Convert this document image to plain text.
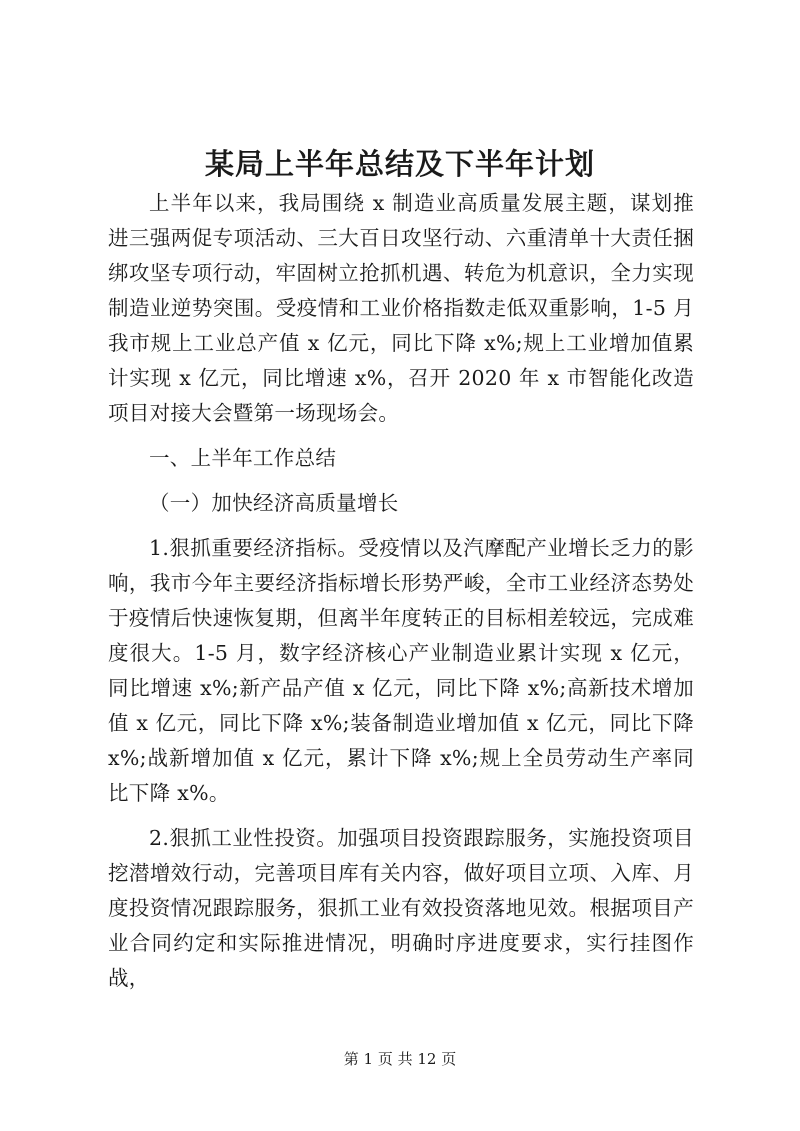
某局上半年总结及下半年计划

上半年以来，我局围绕 x 制造业高质量发展主题，谋划推进三强两促专项活动、三大百日攻坚行动、六重清单十大责任捆绑攻坚专项行动，牢固树立抢抓机遇、转危为机意识，全力实现制造业逆势突围。受疫情和工业价格指数走低双重影响，1-5 月我市规上工业总产值 x 亿元，同比下降 x%;规上工业增加值累计实现 x 亿元，同比增速 x%，召开 2020 年 x 市智能化改造项目对接大会暨第一场现场会。

一、上半年工作总结

（一）加快经济高质量增长

1.狠抓重要经济指标。受疫情以及汽摩配产业增长乏力的影响，我市今年主要经济指标增长形势严峻，全市工业经济态势处于疫情后快速恢复期，但离半年度转正的目标相差较远，完成难度很大。1-5 月，数字经济核心产业制造业累计实现 x 亿元，同比增速 x%;新产品产值 x 亿元，同比下降 x%;高新技术增加值 x 亿元，同比下降 x%;装备制造业增加值 x 亿元，同比下降 x%;战新增加值 x 亿元，累计下降 x%;规上全员劳动生产率同比下降 x%。

2.狠抓工业性投资。加强项目投资跟踪服务，实施投资项目挖潜增效行动，完善项目库有关内容，做好项目立项、入库、月度投资情况跟踪服务，狠抓工业有效投资落地见效。根据项目产业合同约定和实际推进情况，明确时序进度要求，实行挂图作战，

第 1 页 共 12 页
